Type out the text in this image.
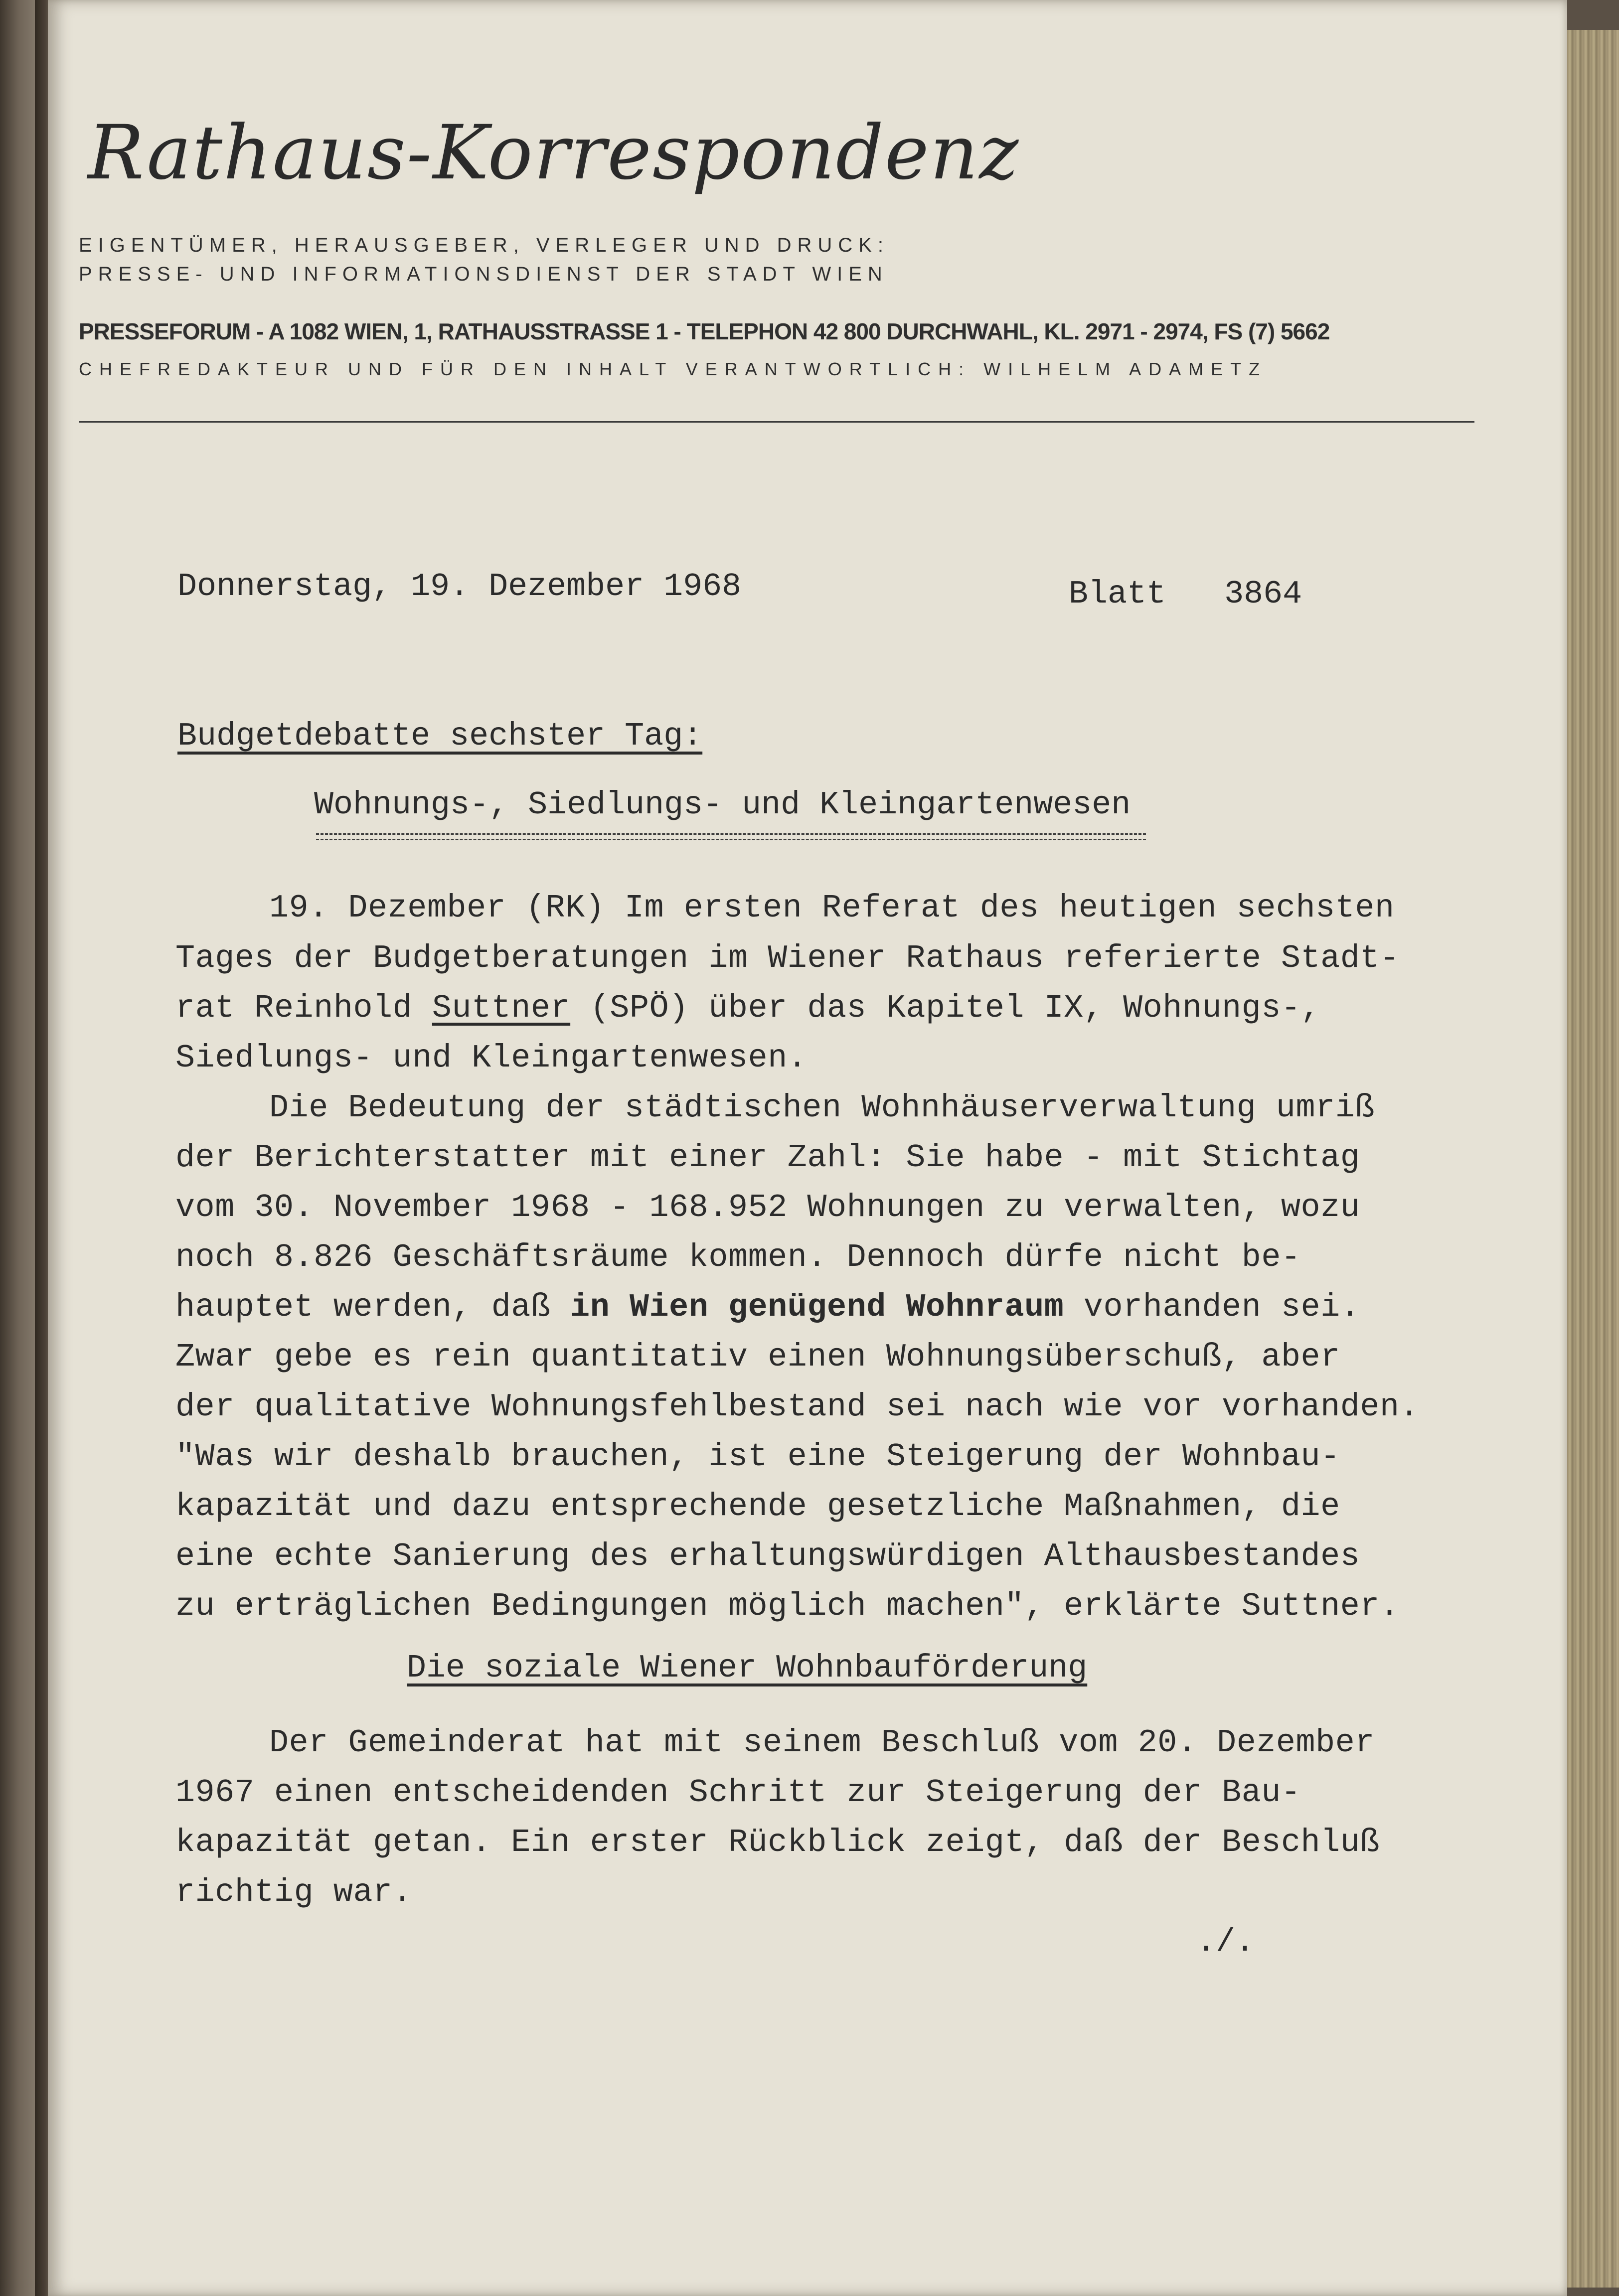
Rathaus-Korrespondenz
EIGENTÜMER, HERAUSGEBER, VERLEGER UND DRUCK:
PRESSE- UND INFORMATIONSDIENST DER STADT WIEN
PRESSEFORUM - A 1082 WIEN, 1, RATHAUSSTRASSE 1 - TELEPHON 42 800 DURCHWAHL, KL. 2971 - 2974, FS (7) 5662
CHEFREDAKTEUR UND FÜR DEN INHALT VERANTWORTLICH: WILHELM ADAMETZ
Donnerstag, 19. Dezember 1968	Blatt 3864
Budgetdebatte sechster Tag:
Wohnungs-, Siedlungs- und Kleingartenwesen
19. Dezember (RK) Im ersten Referat des heutigen sechsten
Tages der Budgetberatungen im Wiener Rathaus referierte Stadt-
rat Reinhold Suttner (SPÖ) über das Kapitel IX, Wohnungs-,
Siedlungs- und Kleingartenwesen.
Die Bedeutung der städtischen Wohnhäuserverwaltung umriß
der Berichterstatter mit einer Zahl: Sie habe - mit Stichtag
vom 30. November 1968 - 168.952 Wohnungen zu verwalten, wozu
noch 8.826 Geschäftsräume kommen. Dennoch dürfe nicht be-
hauptet werden, daß in Wien genügend Wohnraum vorhanden sei.
Zwar gebe es rein quantitativ einen Wohnungsüberschuß, aber
der qualitative Wohnungsfehlbestand sei nach wie vor vorhanden.
"Was wir deshalb brauchen, ist eine Steigerung der Wohnbau-
kapazität und dazu entsprechende gesetzliche Maßnahmen, die
eine echte Sanierung des erhaltungswürdigen Althausbestandes
zu erträglichen Bedingungen möglich machen", erklärte Suttner.
Die soziale Wiener Wohnbauförderung
Der Gemeinderat hat mit seinem Beschluß vom 20. Dezember
1967 einen entscheidenden Schritt zur Steigerung der Bau-
kapazität getan. Ein erster Rückblick zeigt, daß der Beschluß
richtig war.
./.
